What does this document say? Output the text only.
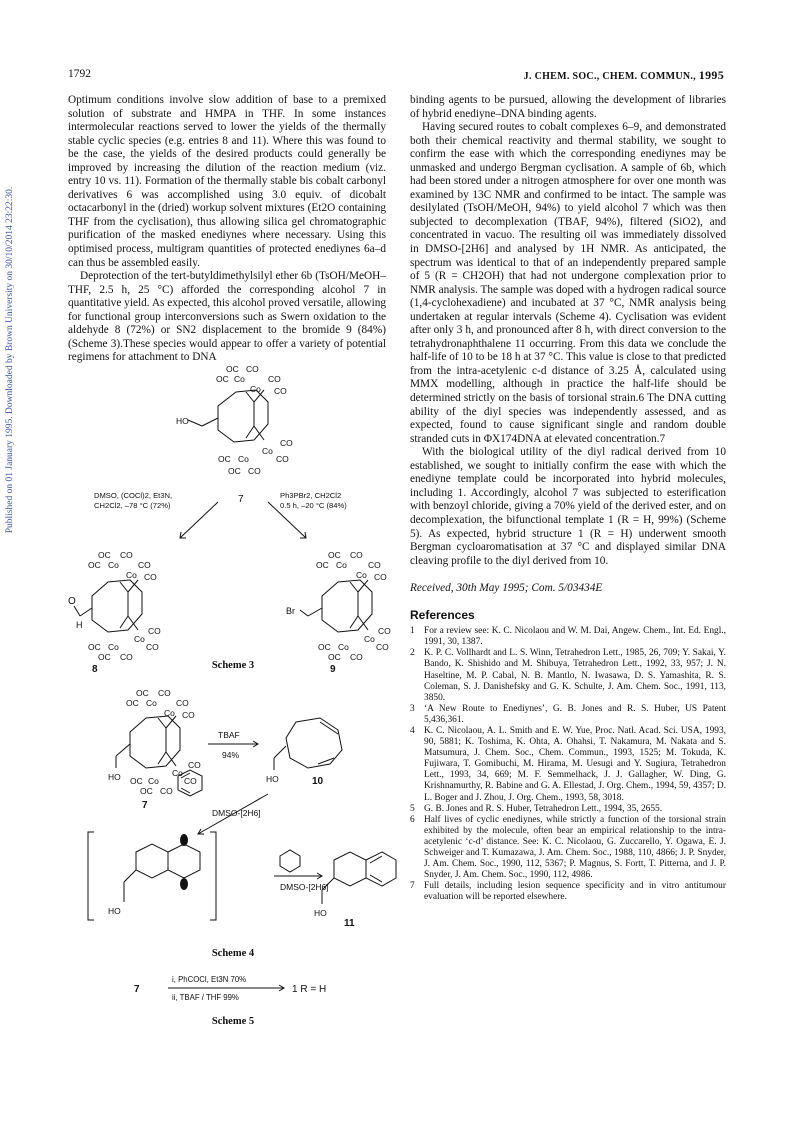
Published on 01 January 1995. Downloaded by Brown University on 30/10/2014 23:22:30.
1792	J. CHEM. SOC., CHEM. COMMUN., 1995

Optimum conditions involve slow addition of base to a premixed solution of substrate and HMPA in THF. In some instances intermolecular reactions served to lower the yields of the thermally stable cyclic species (e.g. entries 8 and 11). Where this was found to be the case, the yields of the desired products could generally be improved by increasing the dilution of the reaction medium (viz. entry 10 vs. 11). Formation of the thermally stable bis cobalt carbonyl derivatives 6 was accomplished using 3.0 equiv. of dicobalt octacarbonyl in the (dried) workup solvent mixtures (Et2O containing THF from the cyclisation), thus allowing silica gel chromatographic purification of the masked enediynes where necessary. Using this optimised process, multigram quantities of protected enediynes 6a–d can thus be assembled easily.

Deprotection of the tert-butyldimethylsilyl ether 6b (TsOH/MeOH–THF, 2.5 h, 25 °C) afforded the corresponding alcohol 7 in quantitative yield. As expected, this alcohol proved versatile, allowing for functional group interconversions such as Swern oxidation to the aldehyde 8 (72%) or SN2 displacement to the bromide 9 (84%) (Scheme 3).These species would appear to offer a variety of potential regimens for attachment to DNA

OC CO
OC Co	CO
Co CO
HO
Co
CO
OC Co	CO
OC CO
7
DMSO, (COCl)2, Et3N,
CH2Cl2, –78 °C (72%)
Ph3PBr2, CH2Cl2
0.5 h, –20 °C (84%)
OC CO
OC Co CO
Co CO
O
H
Co
CO
OC Co	CO
OC CO
8
OC CO
OC Co CO
Co CO
Br
Co
CO
OC Co	CO
OC CO
9
Scheme 3
OC CO
OC Co CO
Co CO
HO	Co
CO
OC Co	CO
OC CO
7
TBAF
94%
HO	10
DMSO-[2H6]
HO
DMSO-[2H6]
HO
11
Scheme 4
7
i, PhCOCl, Et3N 70%
ii, TBAF / THF 99%
1 R = H
Scheme 5

binding agents to be pursued, allowing the development of libraries of hybrid enediyne–DNA binding agents.

Having secured routes to cobalt complexes 6–9, and demonstrated both their chemical reactivity and thermal stability, we sought to confirm the ease with which the corresponding enediynes may be unmasked and undergo Bergman cyclisation. A sample of 6b, which had been stored under a nitrogen atmosphere for over one month was examined by 13C NMR and confirmed to be intact. The sample was desilylated (TsOH/MeOH, 94%) to yield alcohol 7 which was then subjected to decomplexation (TBAF, 94%), filtered (SiO2), and concentrated in vacuo. The resulting oil was immediately dissolved in DMSO-[2H6] and analysed by 1H NMR. As anticipated, the spectrum was identical to that of an independently prepared sample of 5 (R = CH2OH) that had not undergone complexation prior to NMR analysis. The sample was doped with a hydrogen radical source (1,4-cyclohexadiene) and incubated at 37 °C, NMR analysis being undertaken at regular intervals (Scheme 4). Cyclisation was evident after only 3 h, and pronounced after 8 h, with direct conversion to the tetrahydronaphthalene 11 occurring. From this data we conclude the half-life of 10 to be 18 h at 37 °C. This value is close to that predicted from the intra-acetylenic c-d distance of 3.25 Å, calculated using MMX modelling, although in practice the half-life should be determined strictly on the basis of torsional strain.6 The DNA cutting ability of the diyl species was independently assessed, and as expected, found to cause significant single and random double stranded cuts in ΦX174DNA at elevated concentration.7

With the biological utility of the diyl radical derived from 10 established, we sought to initially confirm the ease with which the enediyne template could be incorporated into hybrid molecules, including 1. Accordingly, alcohol 7 was subjected to esterification with benzoyl chloride, giving a 70% yield of the derived ester, and on decomplexation, the bifunctional template 1 (R = H, 99%) (Scheme 5). As expected, hybrid structure 1 (R = H) underwent smooth Bergman cycloaromatisation at 37 °C and displayed similar DNA cleaving profile to the diyl derived from 10.

Received, 30th May 1995; Com. 5/03434E
References
1 For a review see: K. C. Nicolaou and W. M. Dai, Angew. Chem., Int. Ed. Engl., 1991, 30, 1387.
2 K. P. C. Vollhardt and L. S. Winn, Tetrahedron Lett., 1985, 26, 709; Y. Sakai, Y. Bando, K. Shishido and M. Shibuya, Tetrahedron Lett., 1992, 33, 957; J. N. Haseltine, M. P. Cabal, N. B. Mantlo, N. Iwasawa, D. S. Yamashita, R. S. Coleman, S. J. Danishefsky and G. K. Schulte, J. Am. Chem. Soc., 1991, 113, 3850.
3 ‘A New Route to Enediynes’, G. B. Jones and R. S. Huber, US Patent 5,436,361.
4 K. C. Nicolaou, A. L. Smith and E. W. Yue, Proc. Natl. Acad. Sci. USA, 1993, 90, 5881; K. Toshima, K. Ohta, A. Ohahsi, T. Nakamura, M. Nakata and S. Matsumura, J. Chem. Soc., Chem. Commun., 1993, 1525; M. Tokuda, K. Fujiwara, T. Gomibuchi, M. Hirama, M. Uesugi and Y. Sugiura, Tetrahedron Lett., 1993, 34, 669; M. F. Semmelhack, J. J. Gallagher, W. Ding, G. Krishnamurthy, R. Babine and G. A. Ellestad, J. Org. Chem., 1994, 59, 4357; D. L. Boger and J. Zhou, J. Org. Chem., 1993, 58, 3018.
5 G. B. Jones and R. S. Huber, Tetrahedron Lett., 1994, 35, 2655.
6 Half lives of cyclic enediynes, while strictly a function of the torsional strain exhibited by the molecule, often bear an empirical relationship to the intra-acetylenic ‘c-d’ distance. See: K. C. Nicolaou, G. Zuccarello, Y. Ogawa, E. J. Schweiger and T. Kumazawa, J. Am. Chem. Soc., 1988, 110, 4866; J. P. Snyder, J. Am. Chem. Soc., 1990, 112, 5367; P. Magnus, S. Fortt, T. Pitterna, and J. P. Snyder, J. Am. Chem. Soc., 1990, 112, 4986.
7 Full details, including lesion sequence specificity and in vitro antitumour evaluation will be reported elsewhere.
